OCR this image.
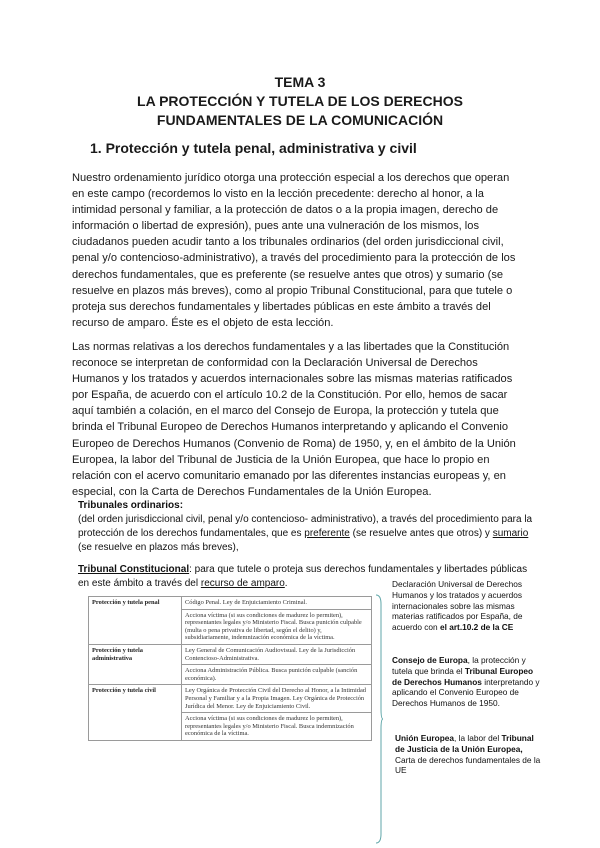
TEMA 3
LA PROTECCIÓN Y TUTELA DE LOS DERECHOS
FUNDAMENTALES DE LA COMUNICACIÓN
1. Protección y tutela penal, administrativa y civil
Nuestro ordenamiento jurídico otorga una protección especial a los derechos que operan en este campo (recordemos lo visto en la lección precedente: derecho al honor, a la intimidad personal y familiar, a la protección de datos o a la propia imagen, derecho de información o libertad de expresión), pues ante una vulneración de los mismos, los ciudadanos pueden acudir tanto a los tribunales ordinarios (del orden jurisdiccional civil, penal y/o contencioso-administrativo), a través del procedimiento para la protección de los derechos fundamentales, que es preferente (se resuelve antes que otros) y sumario (se resuelve en plazos más breves), como al propio Tribunal Constitucional, para que tutele o proteja sus derechos fundamentales y libertades públicas en este ámbito a través del recurso de amparo. Éste es el objeto de esta lección.
Las normas relativas a los derechos fundamentales y a las libertades que la Constitución reconoce se interpretan de conformidad con la Declaración Universal de Derechos Humanos y los tratados y acuerdos internacionales sobre las mismas materias ratificados por España, de acuerdo con el artículo 10.2 de la Constitución. Por ello, hemos de sacar aquí también a colación, en el marco del Consejo de Europa, la protección y tutela que brinda el Tribunal Europeo de Derechos Humanos interpretando y aplicando el Convenio Europeo de Derechos Humanos (Convenio de Roma) de 1950, y, en el ámbito de la Unión Europea, la labor del Tribunal de Justicia de la Unión Europea, que hace lo propio en relación con el acervo comunitario emanado por las diferentes instancias europeas y, en especial, con la Carta de Derechos Fundamentales de la Unión Europea.
Tribunales ordinarios:
(del orden jurisdiccional civil, penal y/o contencioso- administrativo), a través del procedimiento para la protección de los derechos fundamentales, que es preferente (se resuelve antes que otros) y sumario (se resuelve en plazos más breves),
Tribunal Constitucional: para que tutele o proteja sus derechos fundamentales y libertades públicas en este ámbito a través del recurso de amparo.
Protección y tutela penal	Código Penal. Ley de Enjuiciamiento Criminal.
	Acciona víctima (si sus condiciones de madurez lo permiten), representantes legales y/o Ministerio Fiscal. Busca punición culpable (multa o pena privativa de libertad, según el delito) y, subsidiariamente, indemnización económica de la víctima.
Protección y tutela administrativa	Ley General de Comunicación Audiovisual. Ley de la Jurisdicción Contencioso-Administrativa.
	Acciona Administración Pública. Busca punición culpable (sanción económica).
Protección y tutela civil	Ley Orgánica de Protección Civil del Derecho al Honor, a la Intimidad Personal y Familiar y a la Propia Imagen. Ley Orgánica de Protección Jurídica del Menor. Ley de Enjuiciamiento Civil.
	Acciona víctima (si sus condiciones de madurez lo permiten), representantes legales y/o Ministerio Fiscal. Busca indemnización económica de la víctima.
Declaración Universal de Derechos Humanos y los tratados y acuerdos internacionales sobre las mismas materias ratificados por España, de acuerdo con el art.10.2 de la CE
Consejo de Europa, la protección y tutela que brinda el Tribunal Europeo de Derechos Humanos interpretando y aplicando el Convenio Europeo de Derechos Humanos de 1950.
Unión Europea, la labor del Tribunal de Justicia de la Unión Europea, Carta de derechos fundamentales de la UE
